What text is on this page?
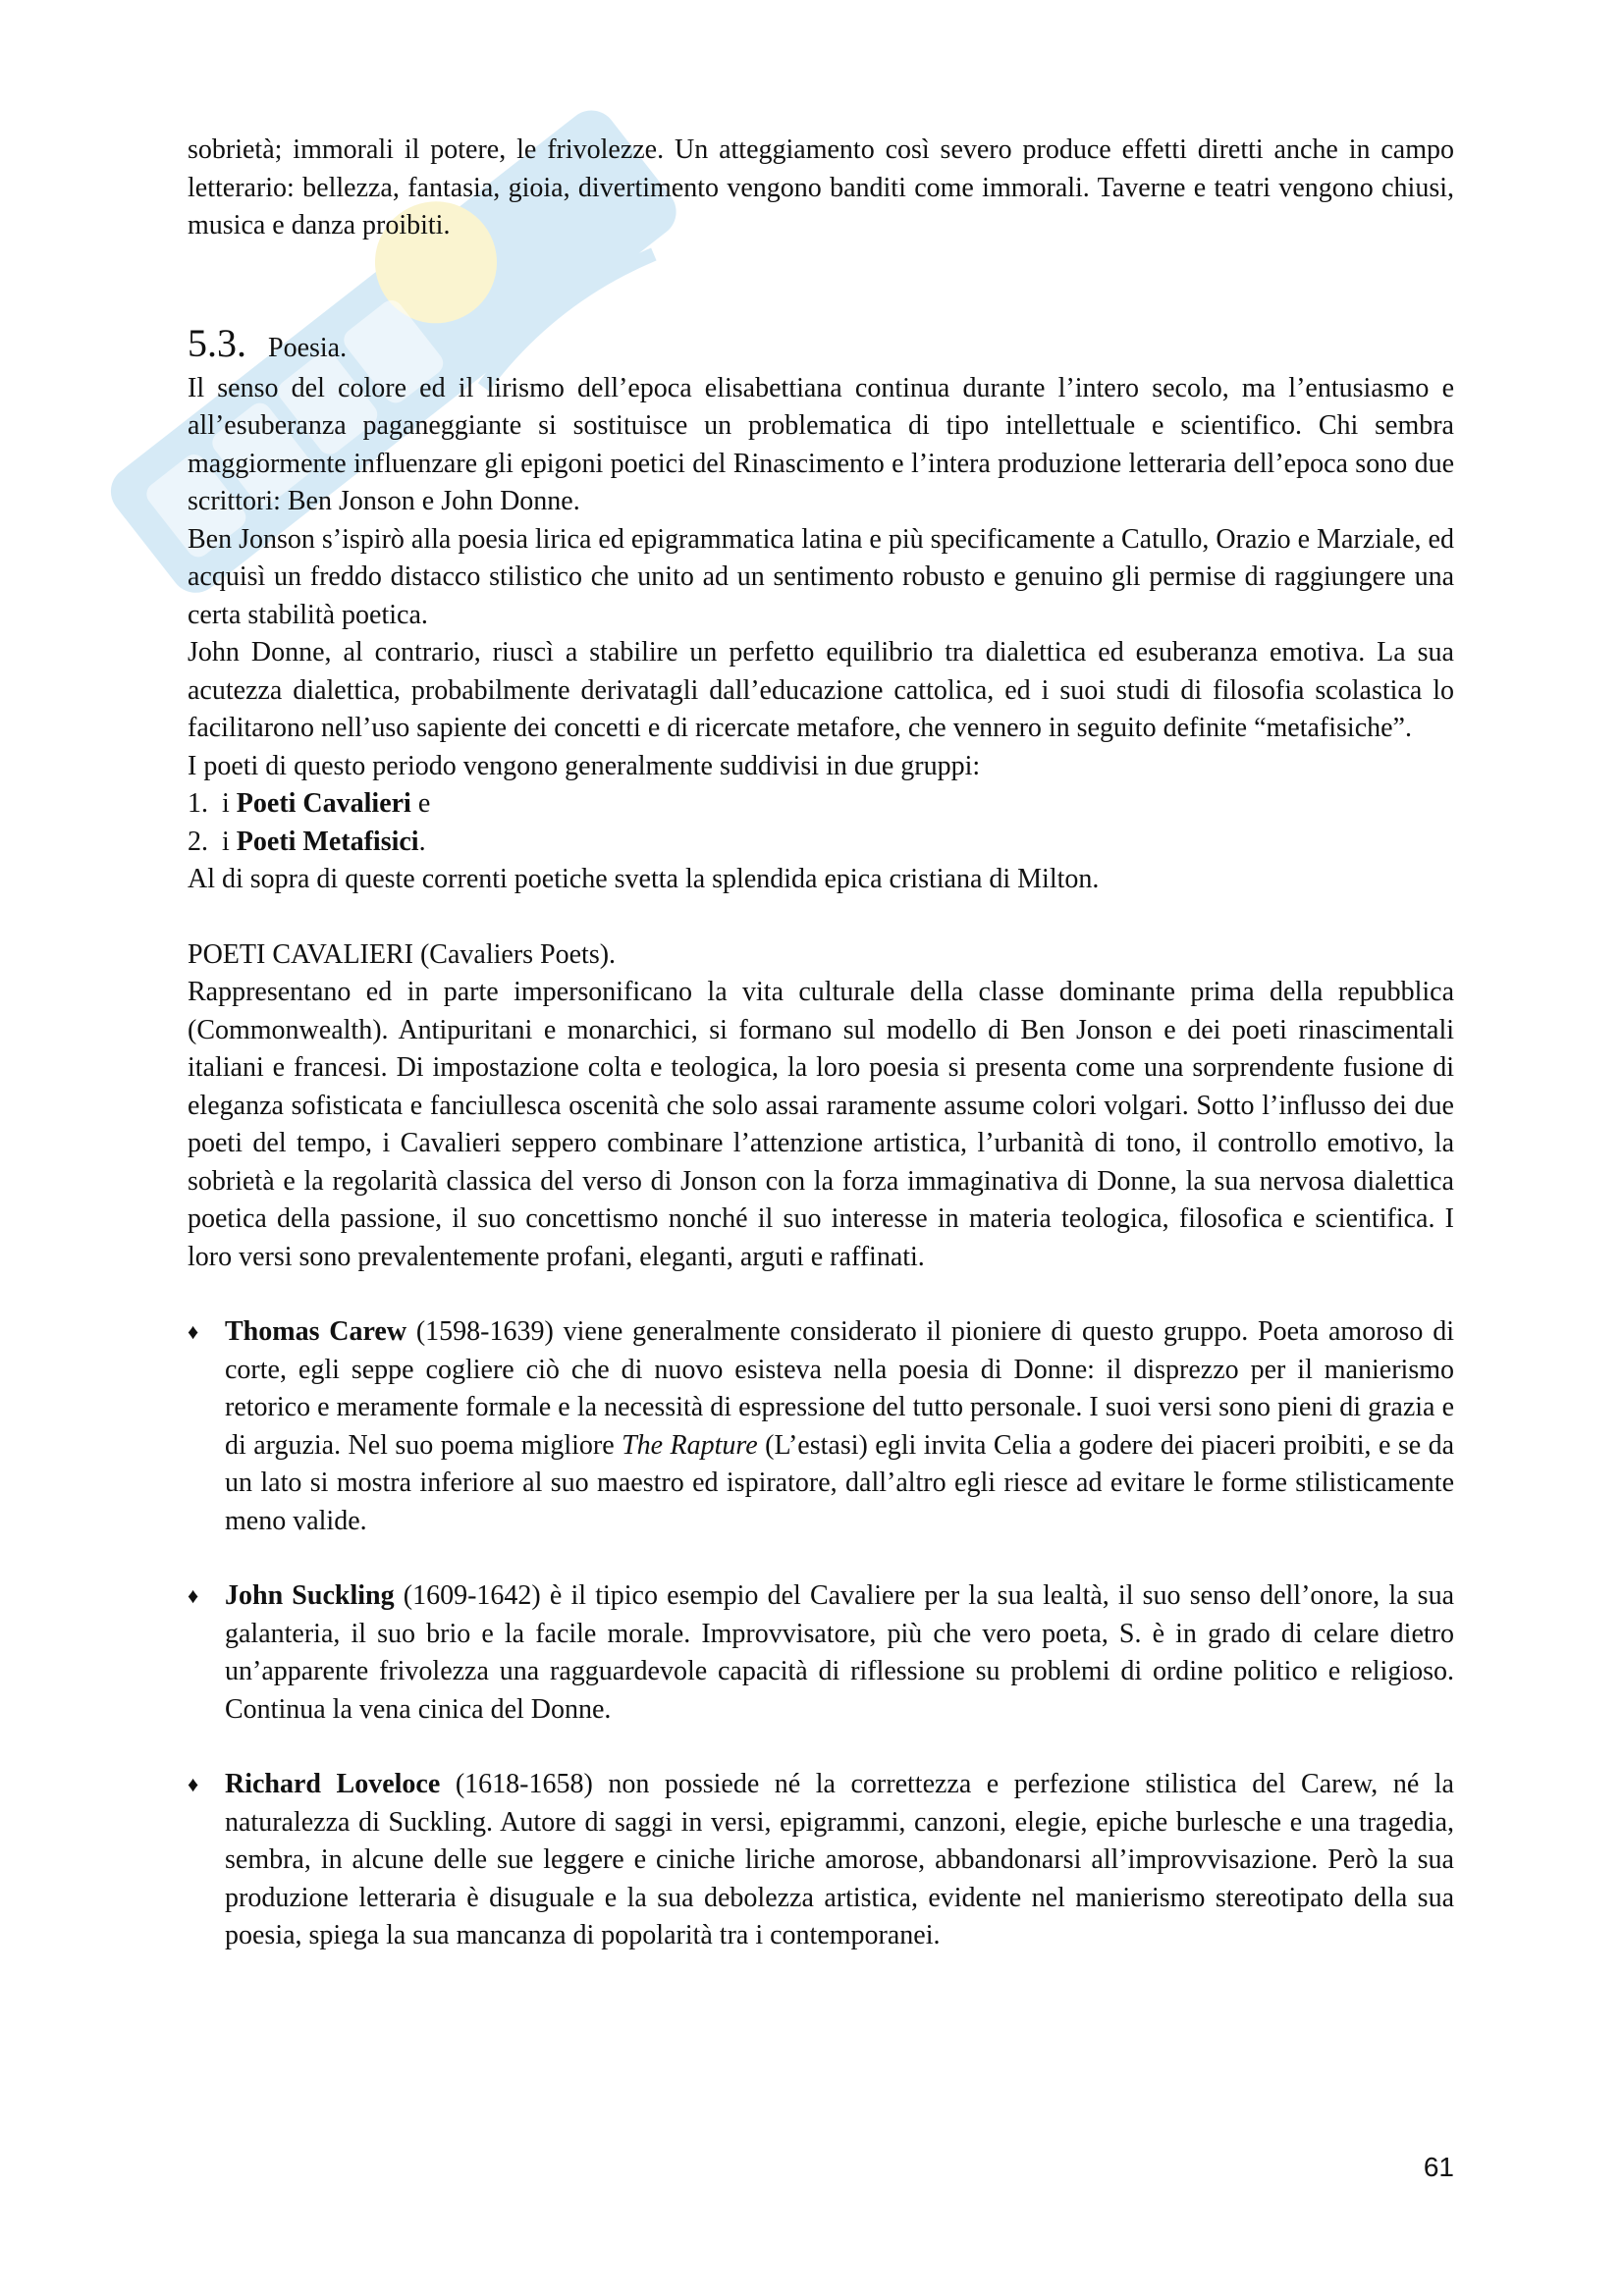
sobrietà; immorali il potere, le frivolezze. Un atteggiamento così severo produce effetti diretti anche in campo letterario: bellezza, fantasia, gioia, divertimento vengono banditi come immorali. Taverne e teatri vengono chiusi, musica e danza proibiti.

5.3. Poesia.

Il senso del colore ed il lirismo dell’epoca elisabettiana continua durante l’intero secolo, ma l’entusiasmo e all’esuberanza paganeggiante si sostituisce un problematica di tipo intellettuale e scientifico. Chi sembra maggiormente influenzare gli epigoni poetici del Rinascimento e l’intera produzione letteraria dell’epoca sono due scrittori: Ben Jonson e John Donne.

Ben Jonson s’ispirò alla poesia lirica ed epigrammatica latina e più specificamente a Catullo, Orazio e Marziale, ed acquisì un freddo distacco stilistico che unito ad un sentimento robusto e genuino gli permise di raggiungere una certa stabilità poetica.

John Donne, al contrario, riuscì a stabilire un perfetto equilibrio tra dialettica ed esuberanza emotiva. La sua acutezza dialettica, probabilmente derivatagli dall’educazione cattolica, ed i suoi studi di filosofia scolastica lo facilitarono nell’uso sapiente dei concetti e di ricercate metafore, che vennero in seguito definite “metafisiche”.

I poeti di questo periodo vengono generalmente suddivisi in due gruppi:

1. i Poeti Cavalieri e
2. i Poeti Metafisici.

Al di sopra di queste correnti poetiche svetta la splendida epica cristiana di Milton.

POETI CAVALIERI (Cavaliers Poets).

Rappresentano ed in parte impersonificano la vita culturale della classe dominante prima della repubblica (Commonwealth). Antipuritani e monarchici, si formano sul modello di Ben Jonson e dei poeti rinascimentali italiani e francesi. Di impostazione colta e teologica, la loro poesia si presenta come una sorprendente fusione di eleganza sofisticata e fanciullesca oscenità che solo assai raramente assume colori volgari. Sotto l’influsso dei due poeti del tempo, i Cavalieri seppero combinare l’attenzione artistica, l’urbanità di tono, il controllo emotivo, la sobrietà e la regolarità classica del verso di Jonson con la forza immaginativa di Donne, la sua nervosa dialettica poetica della passione, il suo concettismo nonché il suo interesse in materia teologica, filosofica e scientifica. I loro versi sono prevalentemente profani, eleganti, arguti e raffinati.

♦ Thomas Carew (1598-1639) viene generalmente considerato il pioniere di questo gruppo. Poeta amoroso di corte, egli seppe cogliere ciò che di nuovo esisteva nella poesia di Donne: il disprezzo per il manierismo retorico e meramente formale e la necessità di espressione del tutto personale. I suoi versi sono pieni di grazia e di arguzia. Nel suo poema migliore The Rapture (L’estasi) egli invita Celia a godere dei piaceri proibiti, e se da un lato si mostra inferiore al suo maestro ed ispiratore, dall’altro egli riesce ad evitare le forme stilisticamente meno valide.

♦ John Suckling (1609-1642) è il tipico esempio del Cavaliere per la sua lealtà, il suo senso dell’onore, la sua galanteria, il suo brio e la facile morale. Improvvisatore, più che vero poeta, S. è in grado di celare dietro un’apparente frivolezza una ragguardevole capacità di riflessione su problemi di ordine politico e religioso. Continua la vena cinica del Donne.

♦ Richard Loveloce (1618-1658) non possiede né la correttezza e perfezione stilistica del Carew, né la naturalezza di Suckling. Autore di saggi in versi, epigrammi, canzoni, elegie, epiche burlesche e una tragedia, sembra, in alcune delle sue leggere e ciniche liriche amorose, abbandonarsi all’improvvisazione. Però la sua produzione letteraria è disuguale e la sua debolezza artistica, evidente nel manierismo stereotipato della sua poesia, spiega la sua mancanza di popolarità tra i contemporanei.

61
